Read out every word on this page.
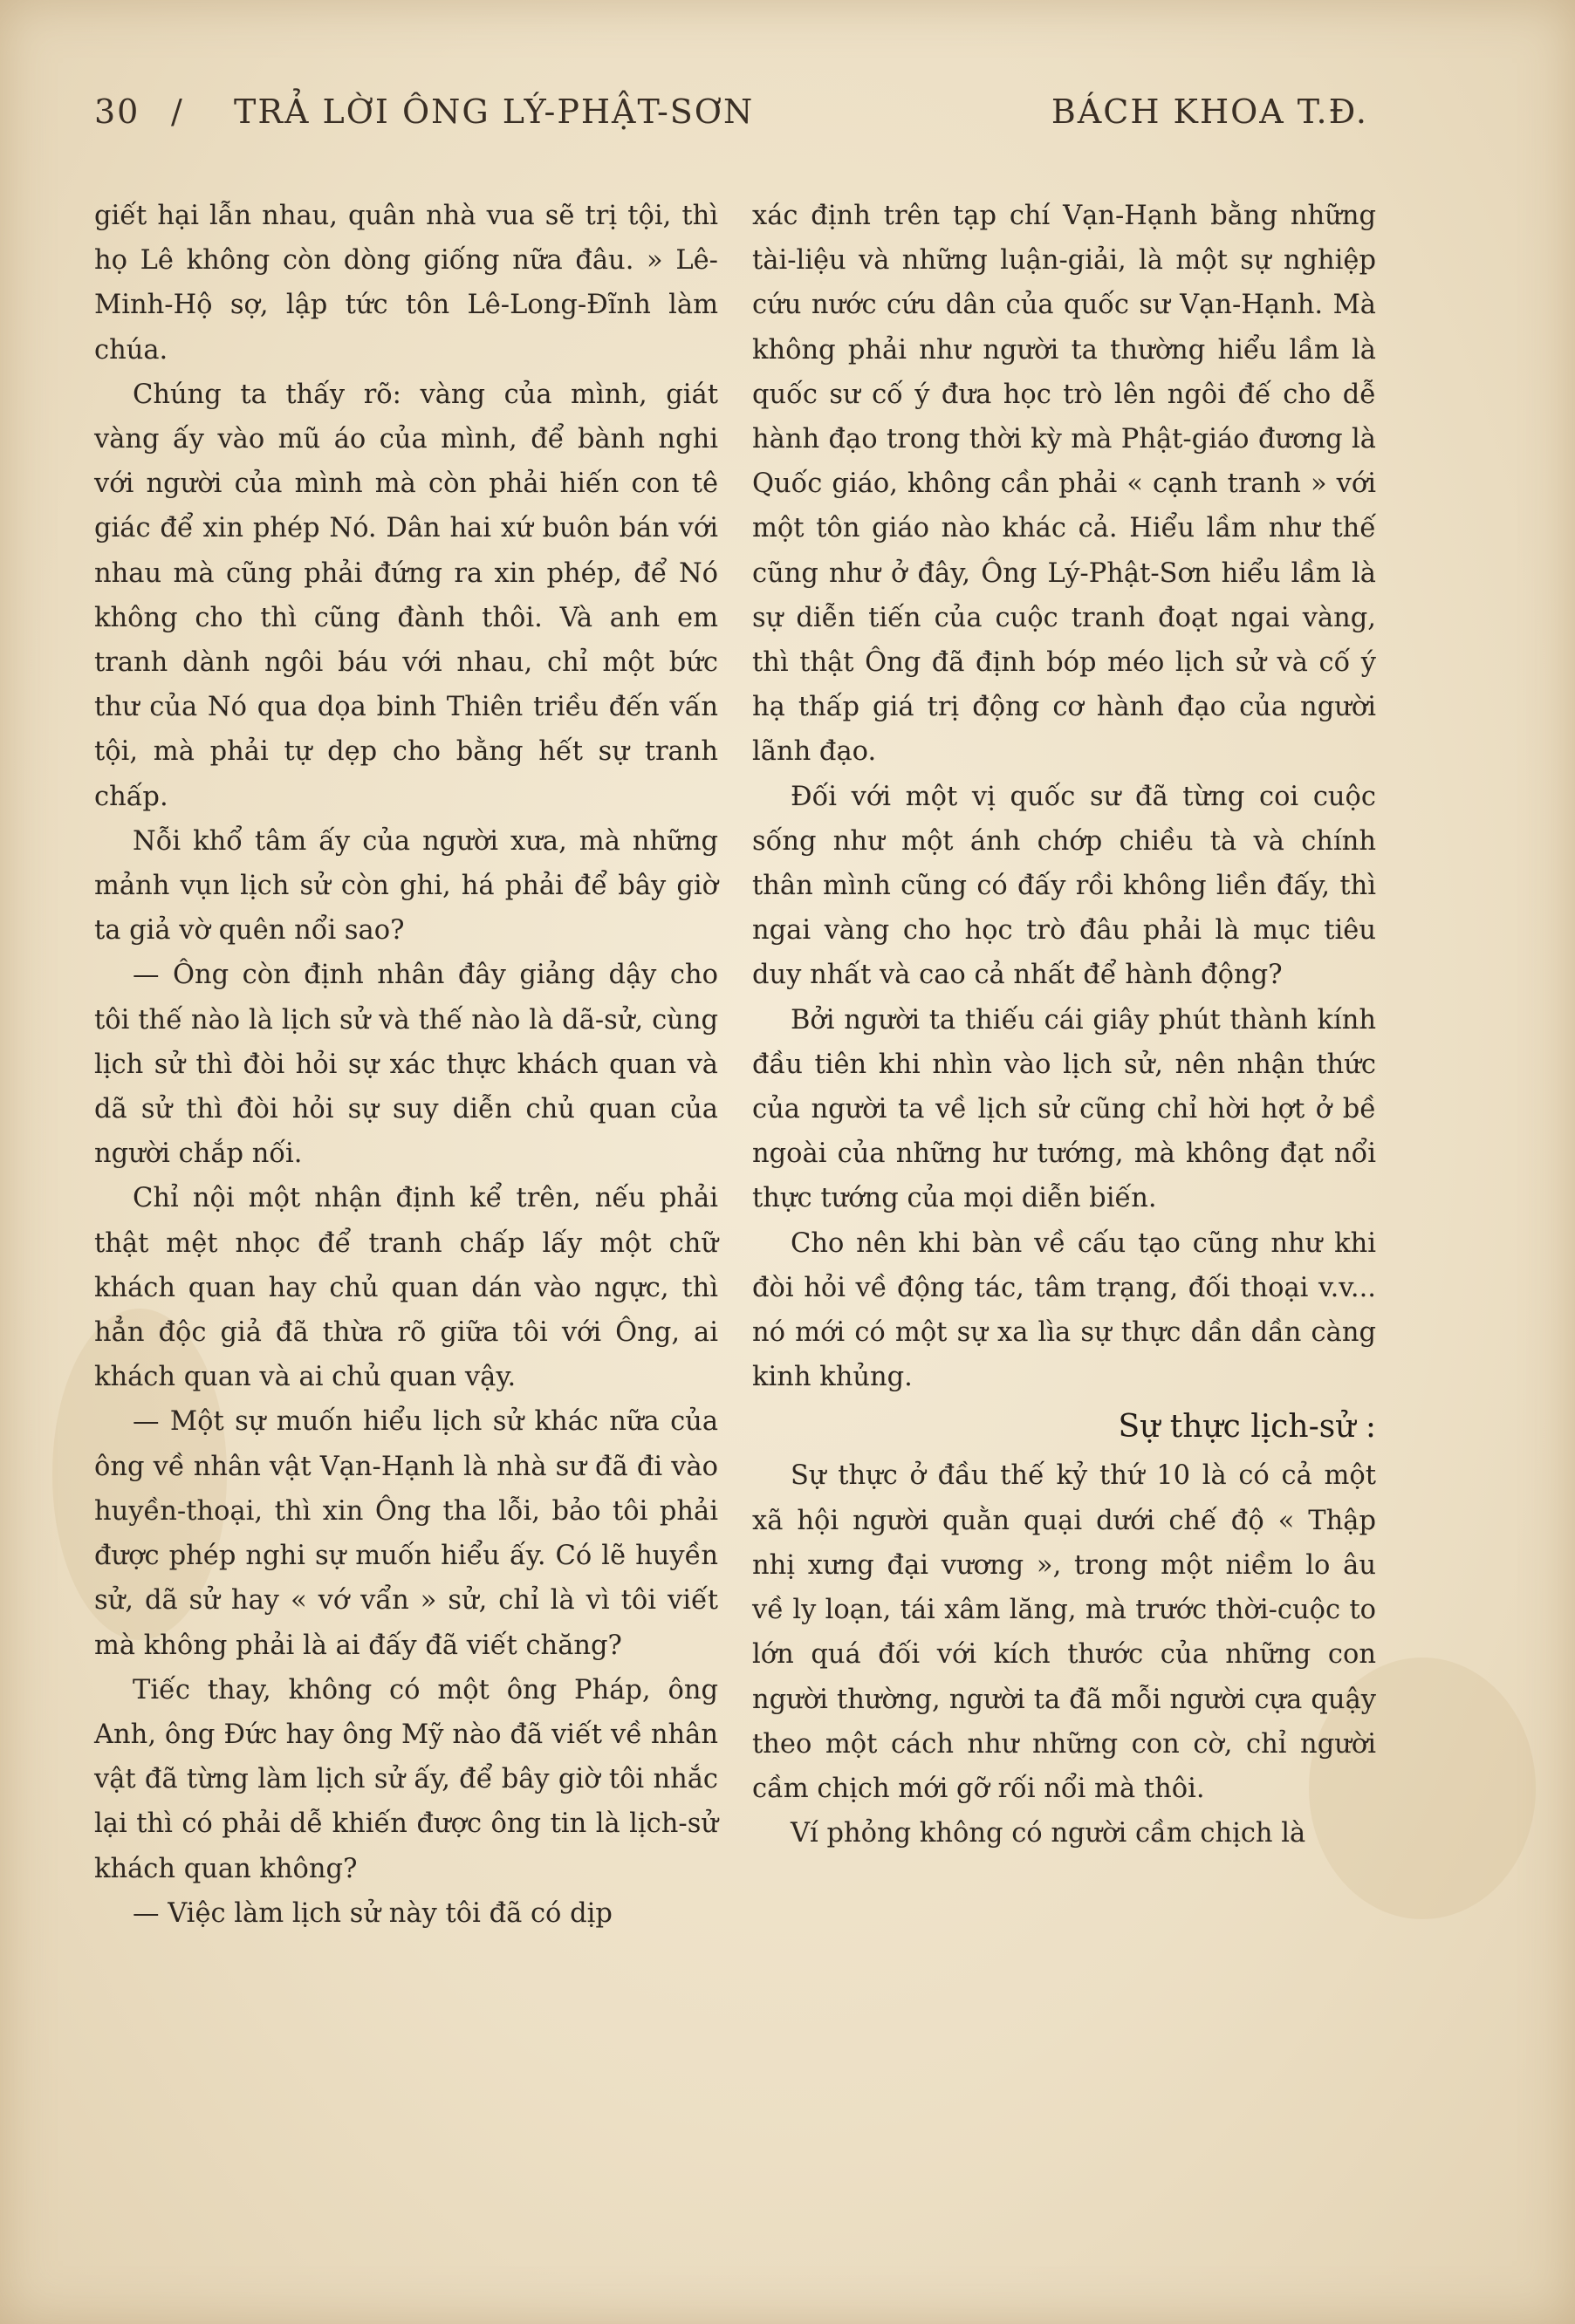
30 / TRẢ LỜI ÔNG LÝ-PHẬT-SƠN	BÁCH KHOA T.Đ.

giết hại lẫn nhau, quân nhà vua sẽ trị tội, thì họ Lê không còn dòng giống nữa đâu. » Lê-Minh-Hộ sợ, lập tức tôn Lê-Long-Đĩnh làm chúa.

Chúng ta thấy rõ: vàng của mình, giát vàng ấy vào mũ áo của mình, để bành nghi với người của mình mà còn phải hiến con tê giác để xin phép Nó. Dân hai xứ buôn bán với nhau mà cũng phải đứng ra xin phép, để Nó không cho thì cũng đành thôi. Và anh em tranh dành ngôi báu với nhau, chỉ một bức thư của Nó qua dọa binh Thiên triều đến vấn tội, mà phải tự dẹp cho bằng hết sự tranh chấp.

Nỗi khổ tâm ấy của người xưa, mà những mảnh vụn lịch sử còn ghi, há phải để bây giờ ta giả vờ quên nổi sao?

— Ông còn định nhân đây giảng dậy cho tôi thế nào là lịch sử và thế nào là dã-sử, cùng lịch sử thì đòi hỏi sự xác thực khách quan và dã sử thì đòi hỏi sự suy diễn chủ quan của người chắp nối.

Chỉ nội một nhận định kể trên, nếu phải thật mệt nhọc để tranh chấp lấy một chữ khách quan hay chủ quan dán vào ngực, thì hẳn độc giả đã thừa rõ giữa tôi với Ông, ai khách quan và ai chủ quan vậy.

— Một sự muốn hiểu lịch sử khác nữa của ông về nhân vật Vạn-Hạnh là nhà sư đã đi vào huyền-thoại, thì xin Ông tha lỗi, bảo tôi phải được phép nghi sự muốn hiểu ấy. Có lẽ huyền sử, dã sử hay « vớ vẩn » sử, chỉ là vì tôi viết mà không phải là ai đấy đã viết chăng?

Tiếc thay, không có một ông Pháp, ông Anh, ông Đức hay ông Mỹ nào đã viết về nhân vật đã từng làm lịch sử ấy, để bây giờ tôi nhắc lại thì có phải dễ khiến được ông tin là lịch-sử khách quan không?

— Việc làm lịch sử này tôi đã có dịp

xác định trên tạp chí Vạn-Hạnh bằng những tài-liệu và những luận-giải, là một sự nghiệp cứu nước cứu dân của quốc sư Vạn-Hạnh. Mà không phải như người ta thường hiểu lầm là quốc sư cố ý đưa học trò lên ngôi đế cho dễ hành đạo trong thời kỳ mà Phật-giáo đương là Quốc giáo, không cần phải « cạnh tranh » với một tôn giáo nào khác cả. Hiểu lầm như thế cũng như ở đây, Ông Lý-Phật-Sơn hiểu lầm là sự diễn tiến của cuộc tranh đoạt ngai vàng, thì thật Ông đã định bóp méo lịch sử và cố ý hạ thấp giá trị động cơ hành đạo của người lãnh đạo.

Đối với một vị quốc sư đã từng coi cuộc sống như một ánh chớp chiều tà và chính thân mình cũng có đấy rồi không liền đấy, thì ngai vàng cho học trò đâu phải là mục tiêu duy nhất và cao cả nhất để hành động?

Bởi người ta thiếu cái giây phút thành kính đầu tiên khi nhìn vào lịch sử, nên nhận thức của người ta về lịch sử cũng chỉ hời hợt ở bề ngoài của những hư tướng, mà không đạt nổi thực tướng của mọi diễn biến.

Cho nên khi bàn về cấu tạo cũng như khi đòi hỏi về động tác, tâm trạng, đối thoại v.v... nó mới có một sự xa lìa sự thực dần dần càng kinh khủng.

Sự thực lịch-sử :

Sự thực ở đầu thế kỷ thứ 10 là có cả một xã hội người quằn quại dưới chế độ « Thập nhị xưng đại vương », trong một niềm lo âu về ly loạn, tái xâm lăng, mà trước thời-cuộc to lớn quá đối với kích thước của những con người thường, người ta đã mỗi người cựa quậy theo một cách như những con cờ, chỉ người cầm chịch mới gỡ rối nổi mà thôi.

Ví phỏng không có người cầm chịch là
